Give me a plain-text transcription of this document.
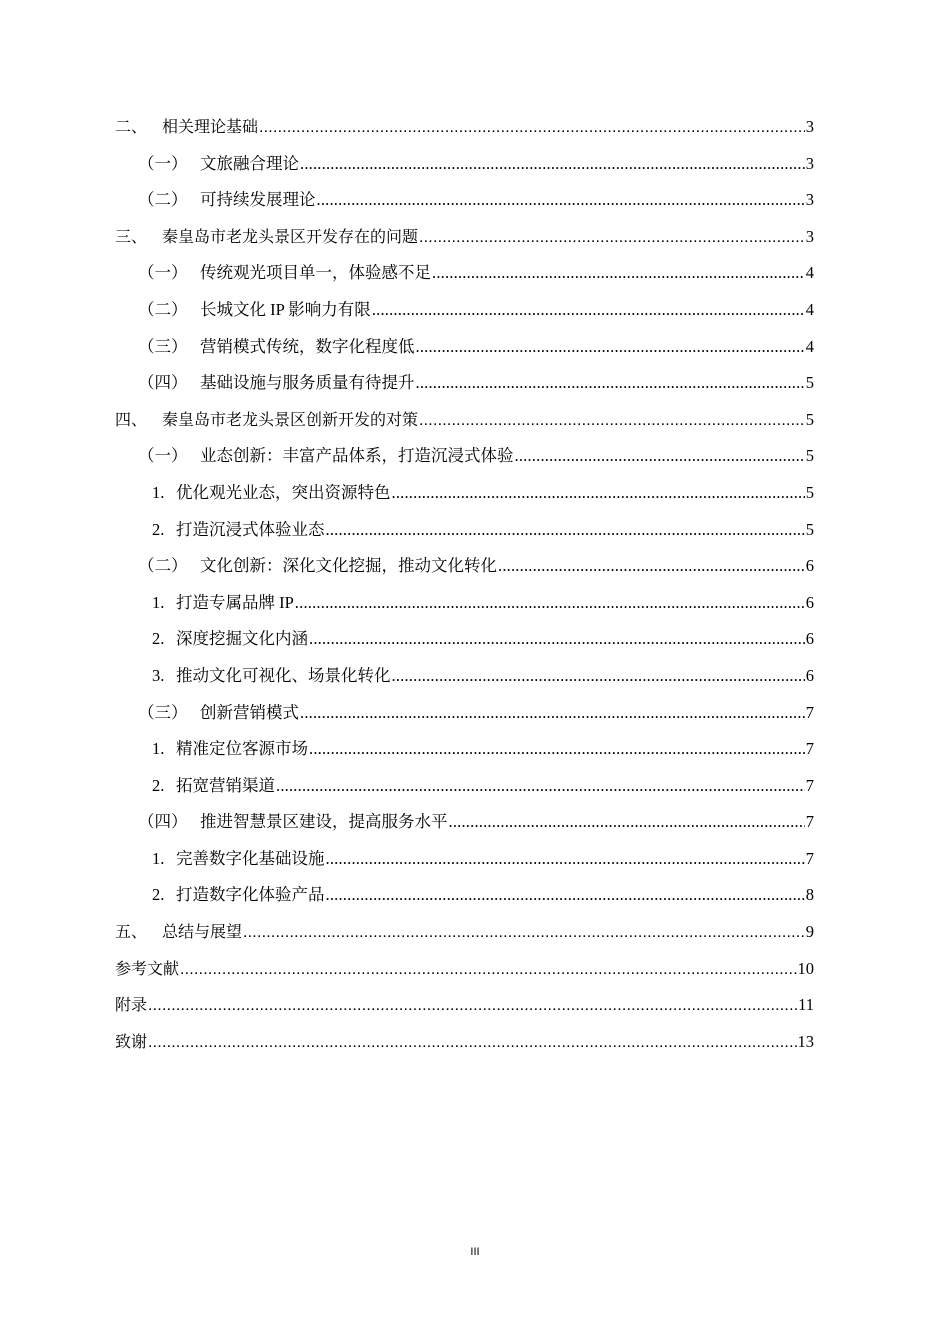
二、 相关理论基础 .....	3
（一） 文旅融合理论 .....	3
（二） 可持续发展理论 .....	3
三、 秦皇岛市老龙头景区开发存在的问题 .....	3
（一） 传统观光项目单一，体验感不足 .....	4
（二） 长城文化 IP 影响力有限 .....	4
（三） 营销模式传统，数字化程度低 .....	4
（四） 基础设施与服务质量有待提升 .....	5
四、 秦皇岛市老龙头景区创新开发的对策 .....	5
（一） 业态创新：丰富产品体系，打造沉浸式体验 .....	5
1. 优化观光业态，突出资源特色 .....	5
2. 打造沉浸式体验业态 .....	5
（二） 文化创新：深化文化挖掘，推动文化转化 .....	6
1. 打造专属品牌 IP .....	6
2. 深度挖掘文化内涵 .....	6
3. 推动文化可视化、场景化转化 .....	6
（三） 创新营销模式 .....	7
1. 精准定位客源市场 .....	7
2. 拓宽营销渠道 .....	7
（四） 推进智慧景区建设，提高服务水平 .....	7
1. 完善数字化基础设施 .....	7
2. 打造数字化体验产品 .....	8
五、 总结与展望 .....	9
参考文献 .....	10
附录 .....	11
致谢 .....	13
III
